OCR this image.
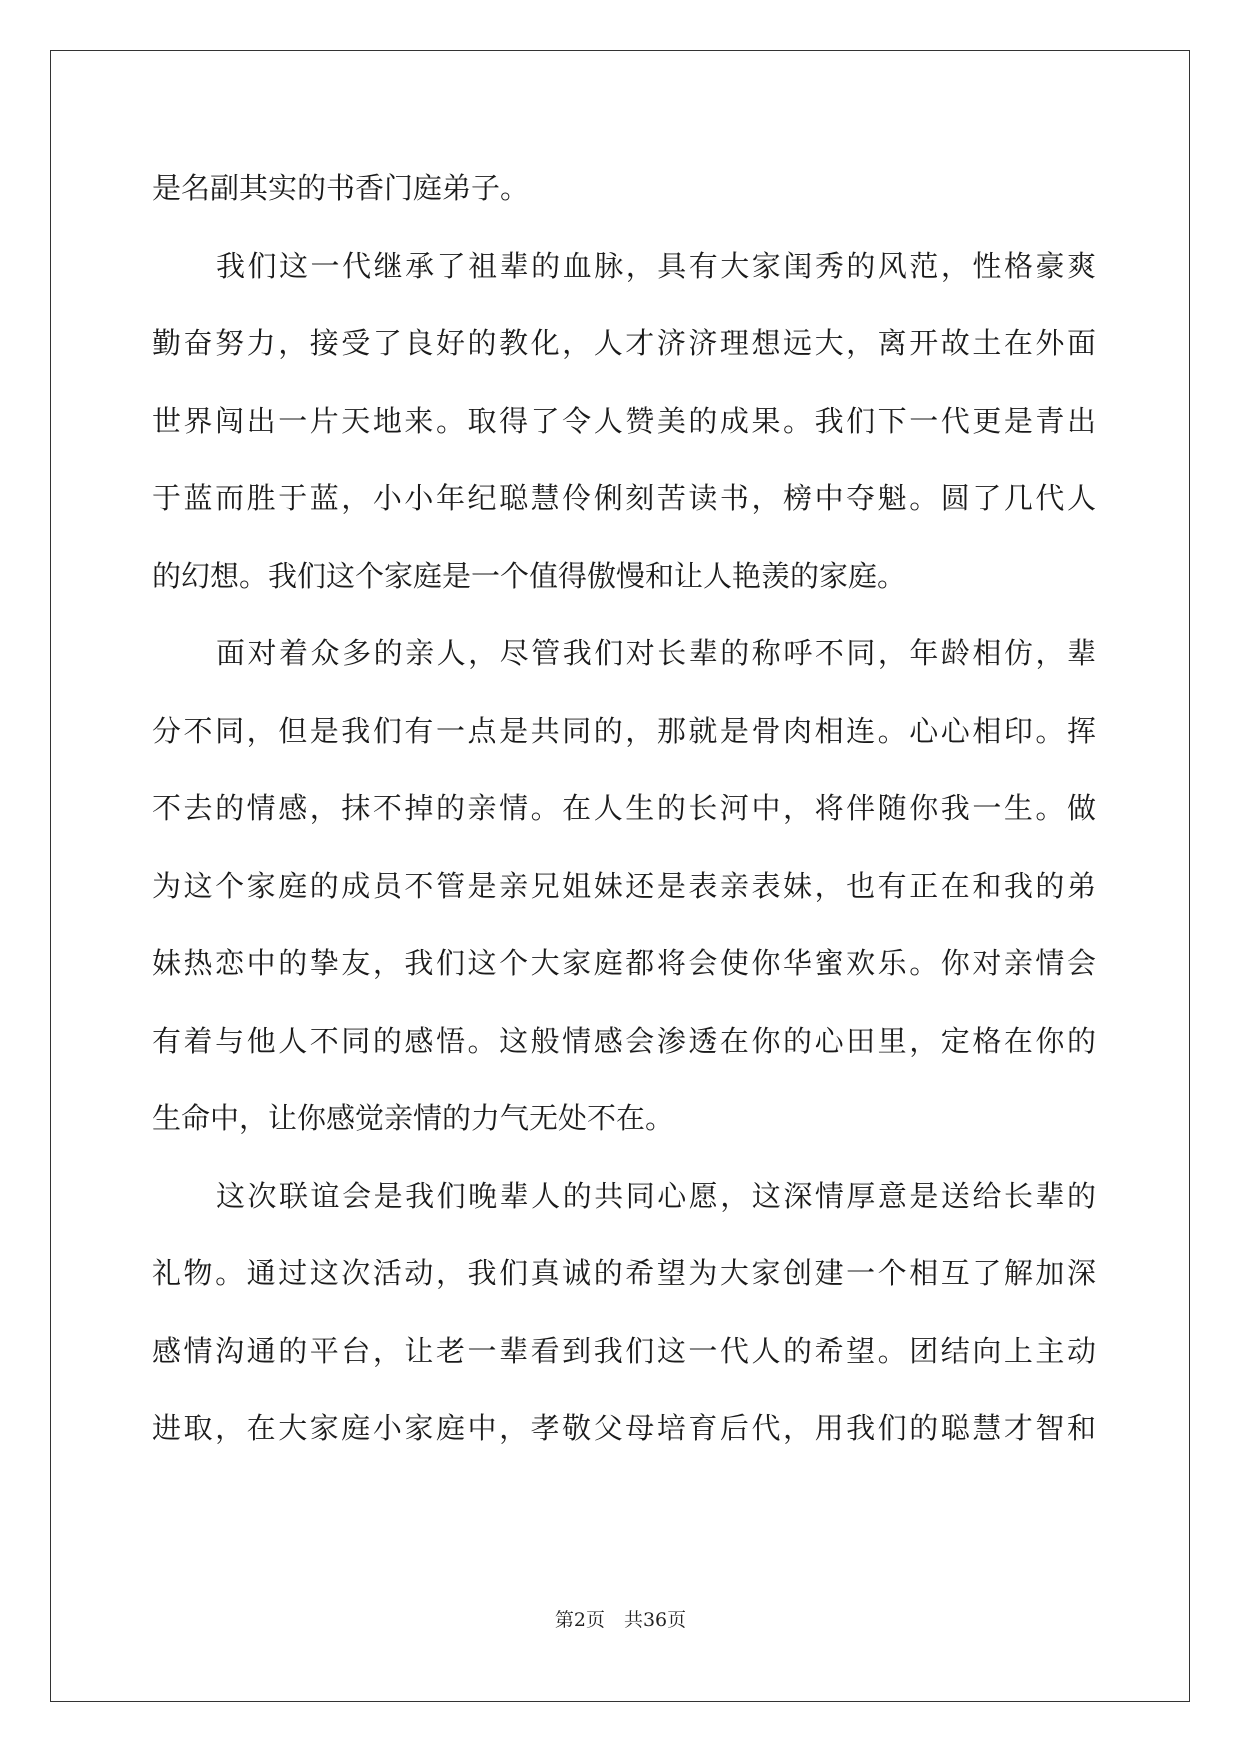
是名副其实的书香门庭弟子。
我们这一代继承了祖辈的血脉，具有大家闺秀的风范，性格豪爽
勤奋努力，接受了良好的教化，人才济济理想远大，离开故土在外面
世界闯出一片天地来。取得了令人赞美的成果。我们下一代更是青出
于蓝而胜于蓝，小小年纪聪慧伶俐刻苦读书，榜中夺魁。圆了几代人
的幻想。我们这个家庭是一个值得傲慢和让人艳羡的家庭。
面对着众多的亲人，尽管我们对长辈的称呼不同，年龄相仿，辈
分不同，但是我们有一点是共同的，那就是骨肉相连。心心相印。挥
不去的情感，抹不掉的亲情。在人生的长河中，将伴随你我一生。做
为这个家庭的成员不管是亲兄姐妹还是表亲表妹，也有正在和我的弟
妹热恋中的挚友，我们这个大家庭都将会使你华蜜欢乐。你对亲情会
有着与他人不同的感悟。这般情感会渗透在你的心田里，定格在你的
生命中，让你感觉亲情的力气无处不在。
这次联谊会是我们晚辈人的共同心愿，这深情厚意是送给长辈的
礼物。通过这次活动，我们真诚的希望为大家创建一个相互了解加深
感情沟通的平台，让老一辈看到我们这一代人的希望。团结向上主动
进取，在大家庭小家庭中，孝敬父母培育后代，用我们的聪慧才智和
第2页　共36页
